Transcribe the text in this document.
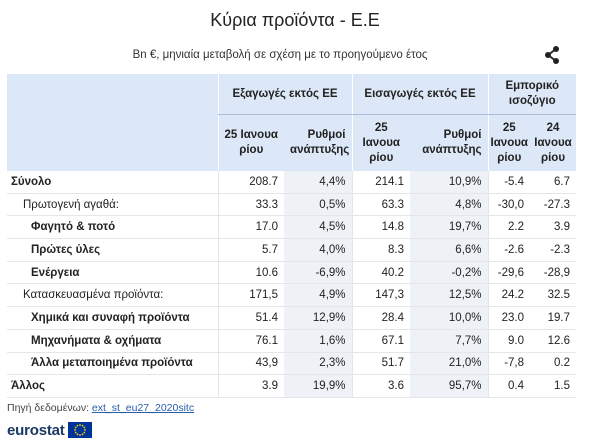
Κύρια προϊόντα - Ε.Ε
Bn €, μηνιαία μεταβολή σε σχέση με το προηγούμενο έτος
	Εξαγωγές εκτός ΕΕ		Εισαγωγές εκτός ΕΕ		Εμπορικό ισοζύγιο	
	25 Ιανουα ρίου	Ρυθμοί ανάπτυξης	25 Ιανουα ρίου	Ρυθμοί ανάπτυξης	25 Ιανουα ρίου	24 Ιανουα ρίου
Σύνολο	208.7	4,4%	214.1	10,9%	-5.4	6.7
Πρωτογενή αγαθά:	33.3	0,5%	63.3	4,8%	-30,0	-27.3
Φαγητό & ποτό	17.0	4,5%	14.8	19,7%	2.2	3.9
Πρώτες ύλες	5.7	4,0%	8.3	6,6%	-2.6	-2.3
Ενέργεια	10.6	-6,9%	40.2	-0,2%	-29,6	-28,9
Κατασκευασμένα προϊόντα:	171,5	4,9%	147,3	12,5%	24.2	32.5
Χημικά και συναφή προϊόντα	51.4	12,9%	28.4	10,0%	23.0	19.7
Μηχανήματα & οχήματα	76.1	1,6%	67.1	7,7%	9.0	12.6
Άλλα μεταποιημένα προϊόντα	43,9	2,3%	51.7	21,0%	-7,8	0.2
Άλλος	3.9	19,9%	3.6	95,7%	0.4	1.5
Πηγή δεδομένων: ext_st_eu27_2020sitc
eurostat
